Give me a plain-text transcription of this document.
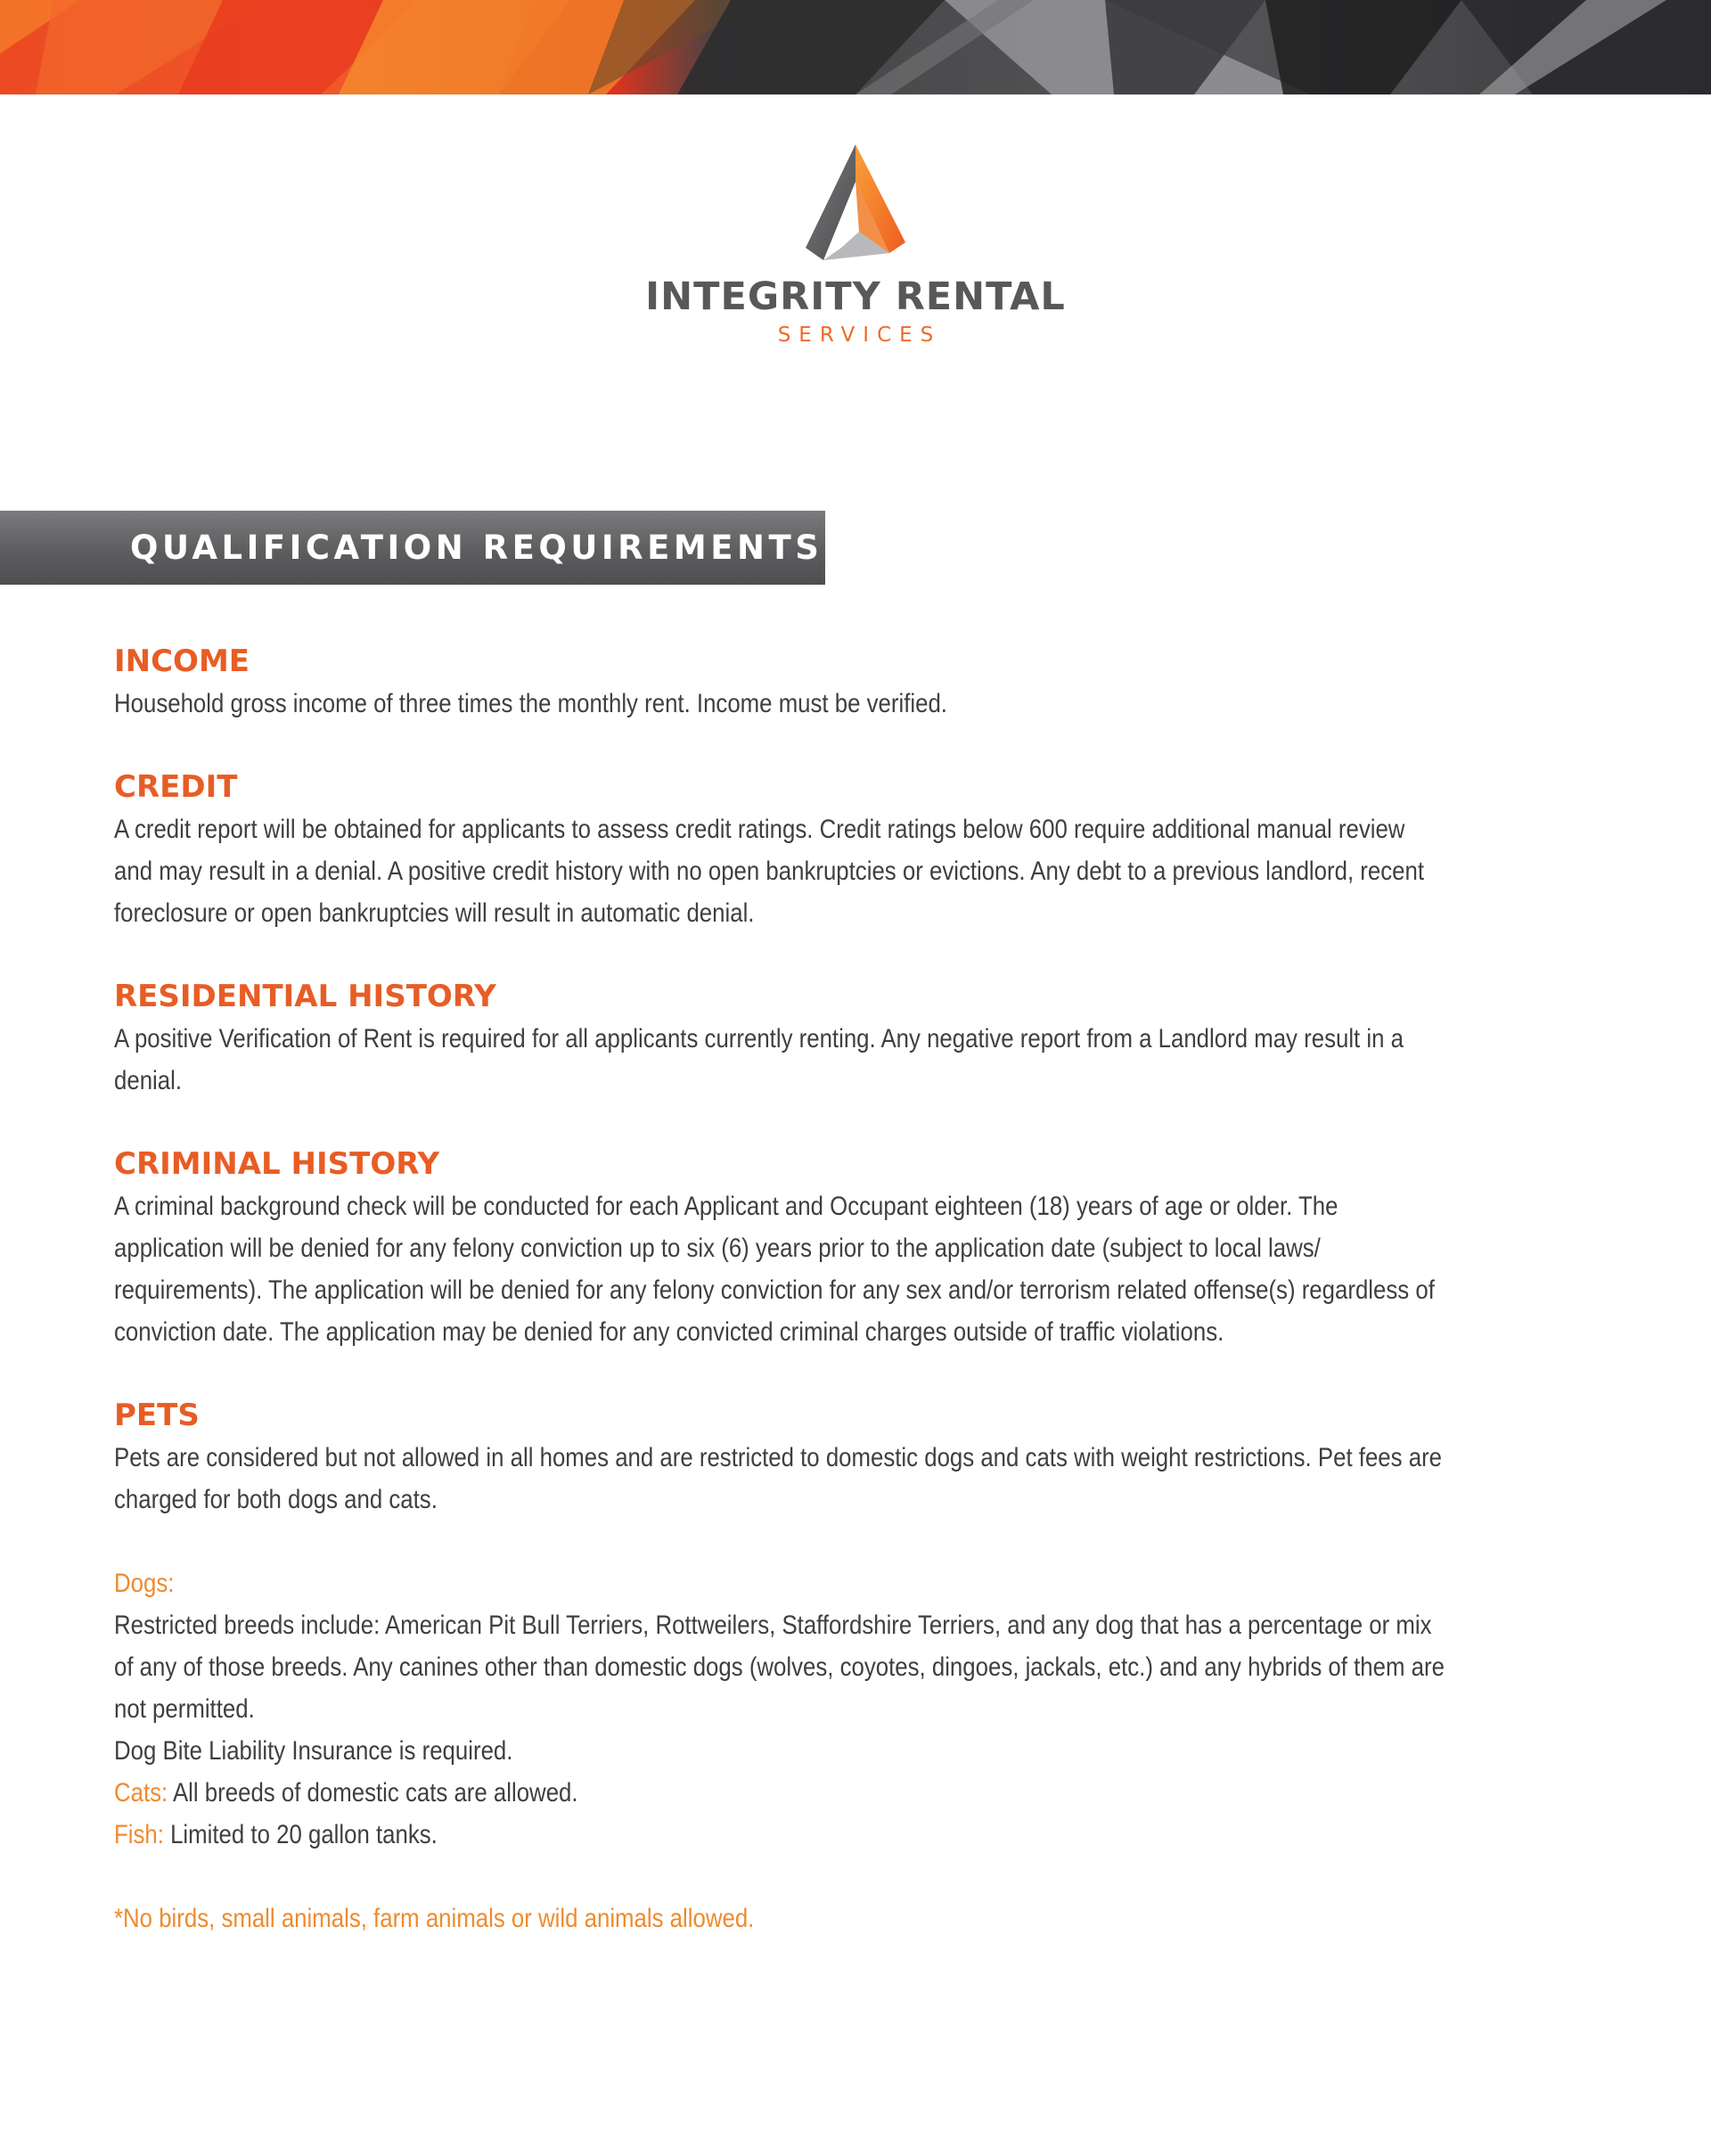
INTEGRITY RENTAL
SERVICES
QUALIFICATION REQUIREMENTS
INCOME
Household gross income of three times the monthly rent. Income must be verified.
CREDIT
A credit report will be obtained for applicants to assess credit ratings. Credit ratings below 600 require additional manual review
and may result in a denial. A positive credit history with no open bankruptcies or evictions. Any debt to a previous landlord, recent
foreclosure or open bankruptcies will result in automatic denial.
RESIDENTIAL HISTORY
A positive Verification of Rent is required for all applicants currently renting. Any negative report from a Landlord may result in a
denial.
CRIMINAL HISTORY
A criminal background check will be conducted for each Applicant and Occupant eighteen (18) years of age or older. The
application will be denied for any felony conviction up to six (6) years prior to the application date (subject to local laws/
requirements). The application will be denied for any felony conviction for any sex and/or terrorism related offense(s) regardless of
conviction date. The application may be denied for any convicted criminal charges outside of traffic violations.
PETS
Pets are considered but not allowed in all homes and are restricted to domestic dogs and cats with weight restrictions. Pet fees are
charged for both dogs and cats.
Dogs:
Restricted breeds include: American Pit Bull Terriers, Rottweilers, Staffordshire Terriers, and any dog that has a percentage or mix
of any of those breeds. Any canines other than domestic dogs (wolves, coyotes, dingoes, jackals, etc.) and any hybrids of them are
not permitted.
Dog Bite Liability Insurance is required.
Cats: All breeds of domestic cats are allowed.
Fish: Limited to 20 gallon tanks.
*No birds, small animals, farm animals or wild animals allowed.
